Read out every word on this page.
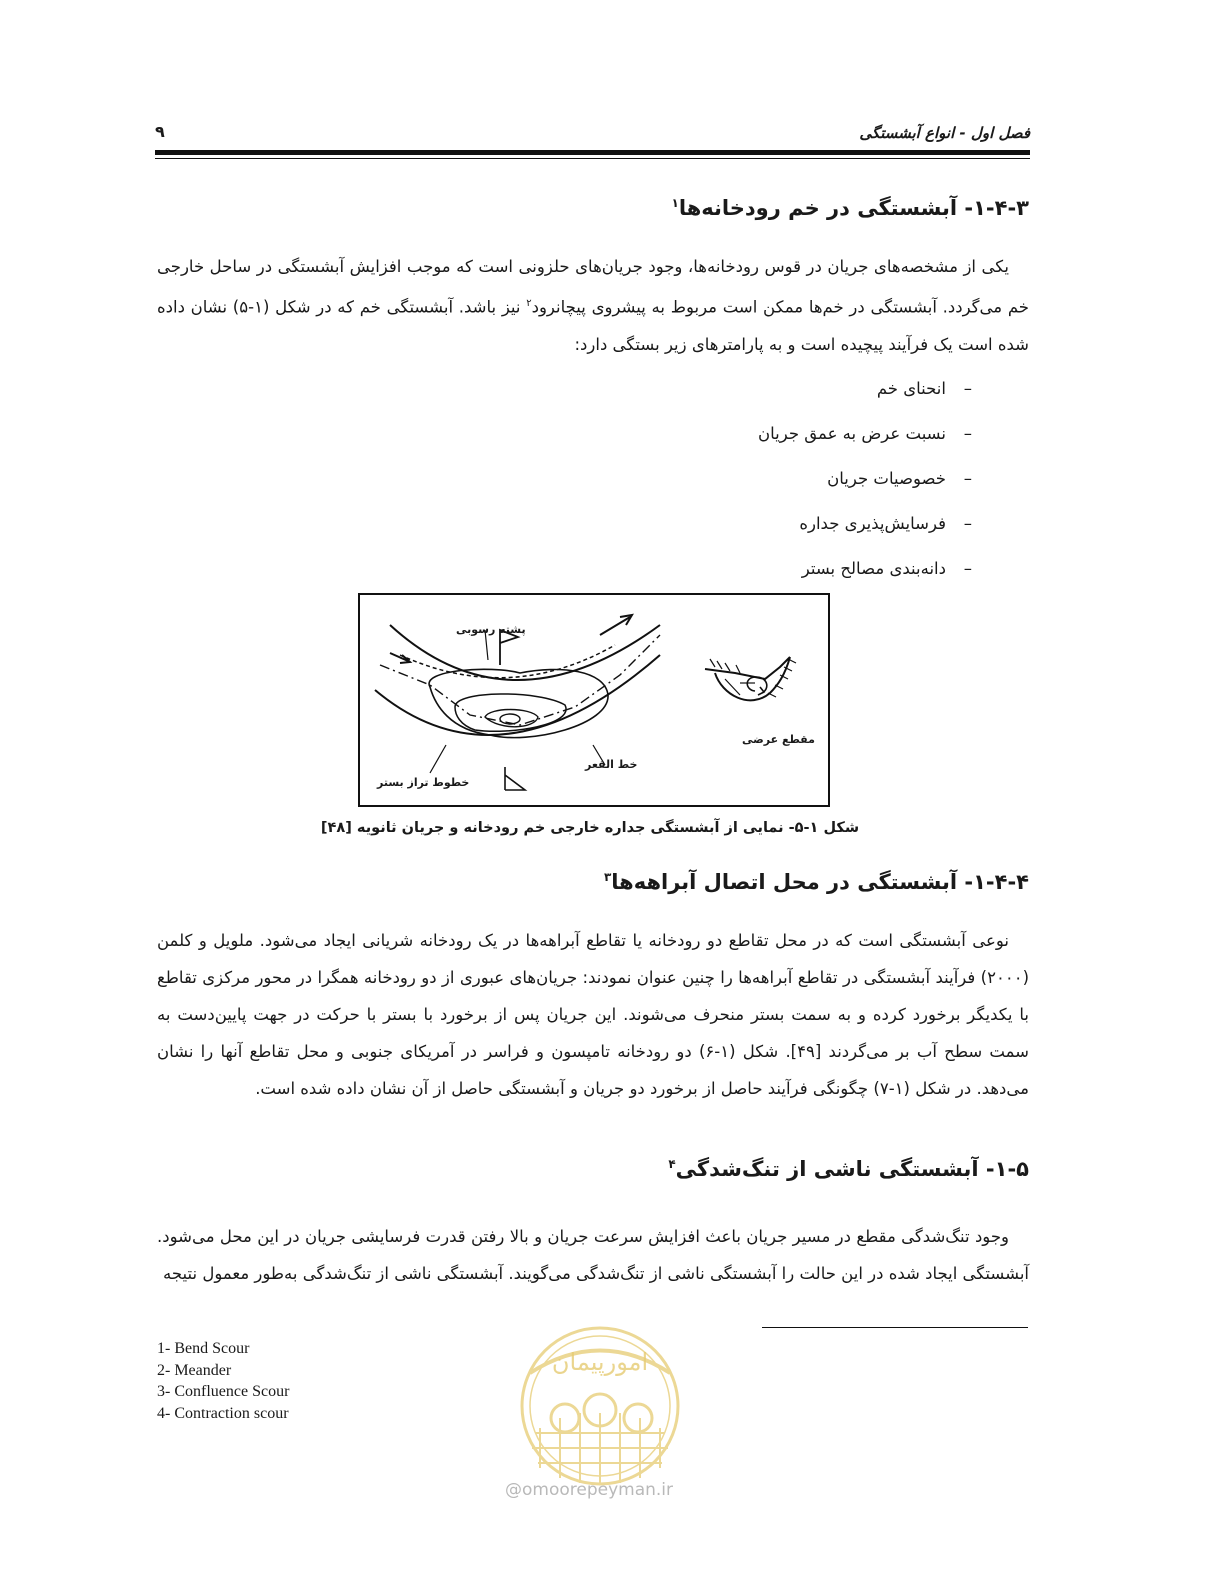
فصل اول - انواع آبشستگی
۹
۱-۴-۳- آبشستگی در خم رودخانه‌ها$^۱$

یکی از مشخصه‌های جریان در قوس رودخانه‌ها، وجود جریان‌های حلزونی است که موجب افزایش آبشستگی در ساحل خارجی خم می‌گردد. آبشستگی در خم‌ها ممکن است مربوط به پیشروی پیچانرود$^۲$ نیز باشد. آبشستگی خم که در شکل (۱-۵) نشان داده شده است یک فرآیند پیچیده است و به پارامترهای زیر بستگی دارد:

–انحنای خم
–نسبت عرض به عمق جریان
–خصوصیات جریان
–فرسایش‌پذیری جداره
–دانه‌بندی مصالح بستر
پشته رسوبی
خط القعر
خطوط تراز بستر
مقطع عرضی
شکل ۱-۵- نمایی از آبشستگی جداره خارجی خم رودخانه و جریان ثانویه [۴۸]
۱-۴-۴- آبشستگی در محل اتصال آبراهه‌ها$^۳$

نوعی آبشستگی است که در محل تقاطع دو رودخانه یا تقاطع آبراهه‌ها در یک رودخانه شریانی ایجاد می‌شود. ملویل و کلمن (۲۰۰۰) فرآیند آبشستگی در تقاطع آبراهه‌ها را چنین عنوان نمودند: جریان‌های عبوری از دو رودخانه همگرا در محور مرکزی تقاطع با یکدیگر برخورد کرده و به سمت بستر منحرف می‌شوند. این جریان پس از برخورد با بستر با حرکت در جهت پایین‌دست به سمت سطح آب بر می‌گردند [۴۹]. شکل (۱-۶) دو رودخانه تامپسون و فراسر در آمریکای جنوبی و محل تقاطع آنها را نشان می‌دهد. در شکل (۱-۷) چگونگی فرآیند حاصل از برخورد دو جریان و آبشستگی حاصل از آن نشان داده شده است.

۱-۵- آبشستگی ناشی از تنگ‌شدگی$^۴$

وجود تنگ‌شدگی مقطع در مسیر جریان باعث افزایش سرعت جریان و بالا رفتن قدرت فرسایشی جریان در این محل می‌شود. آبشستگی ایجاد شده در این حالت را آبشستگی ناشی از تنگ‌شدگی می‌گویند. آبشستگی ناشی از تنگ‌شدگی به‌طور معمول نتیجه

1- Bend Scour
2- Meander
3- Confluence Scour
4- Contraction scour
امورپیمان
@omoorepeyman.ir
